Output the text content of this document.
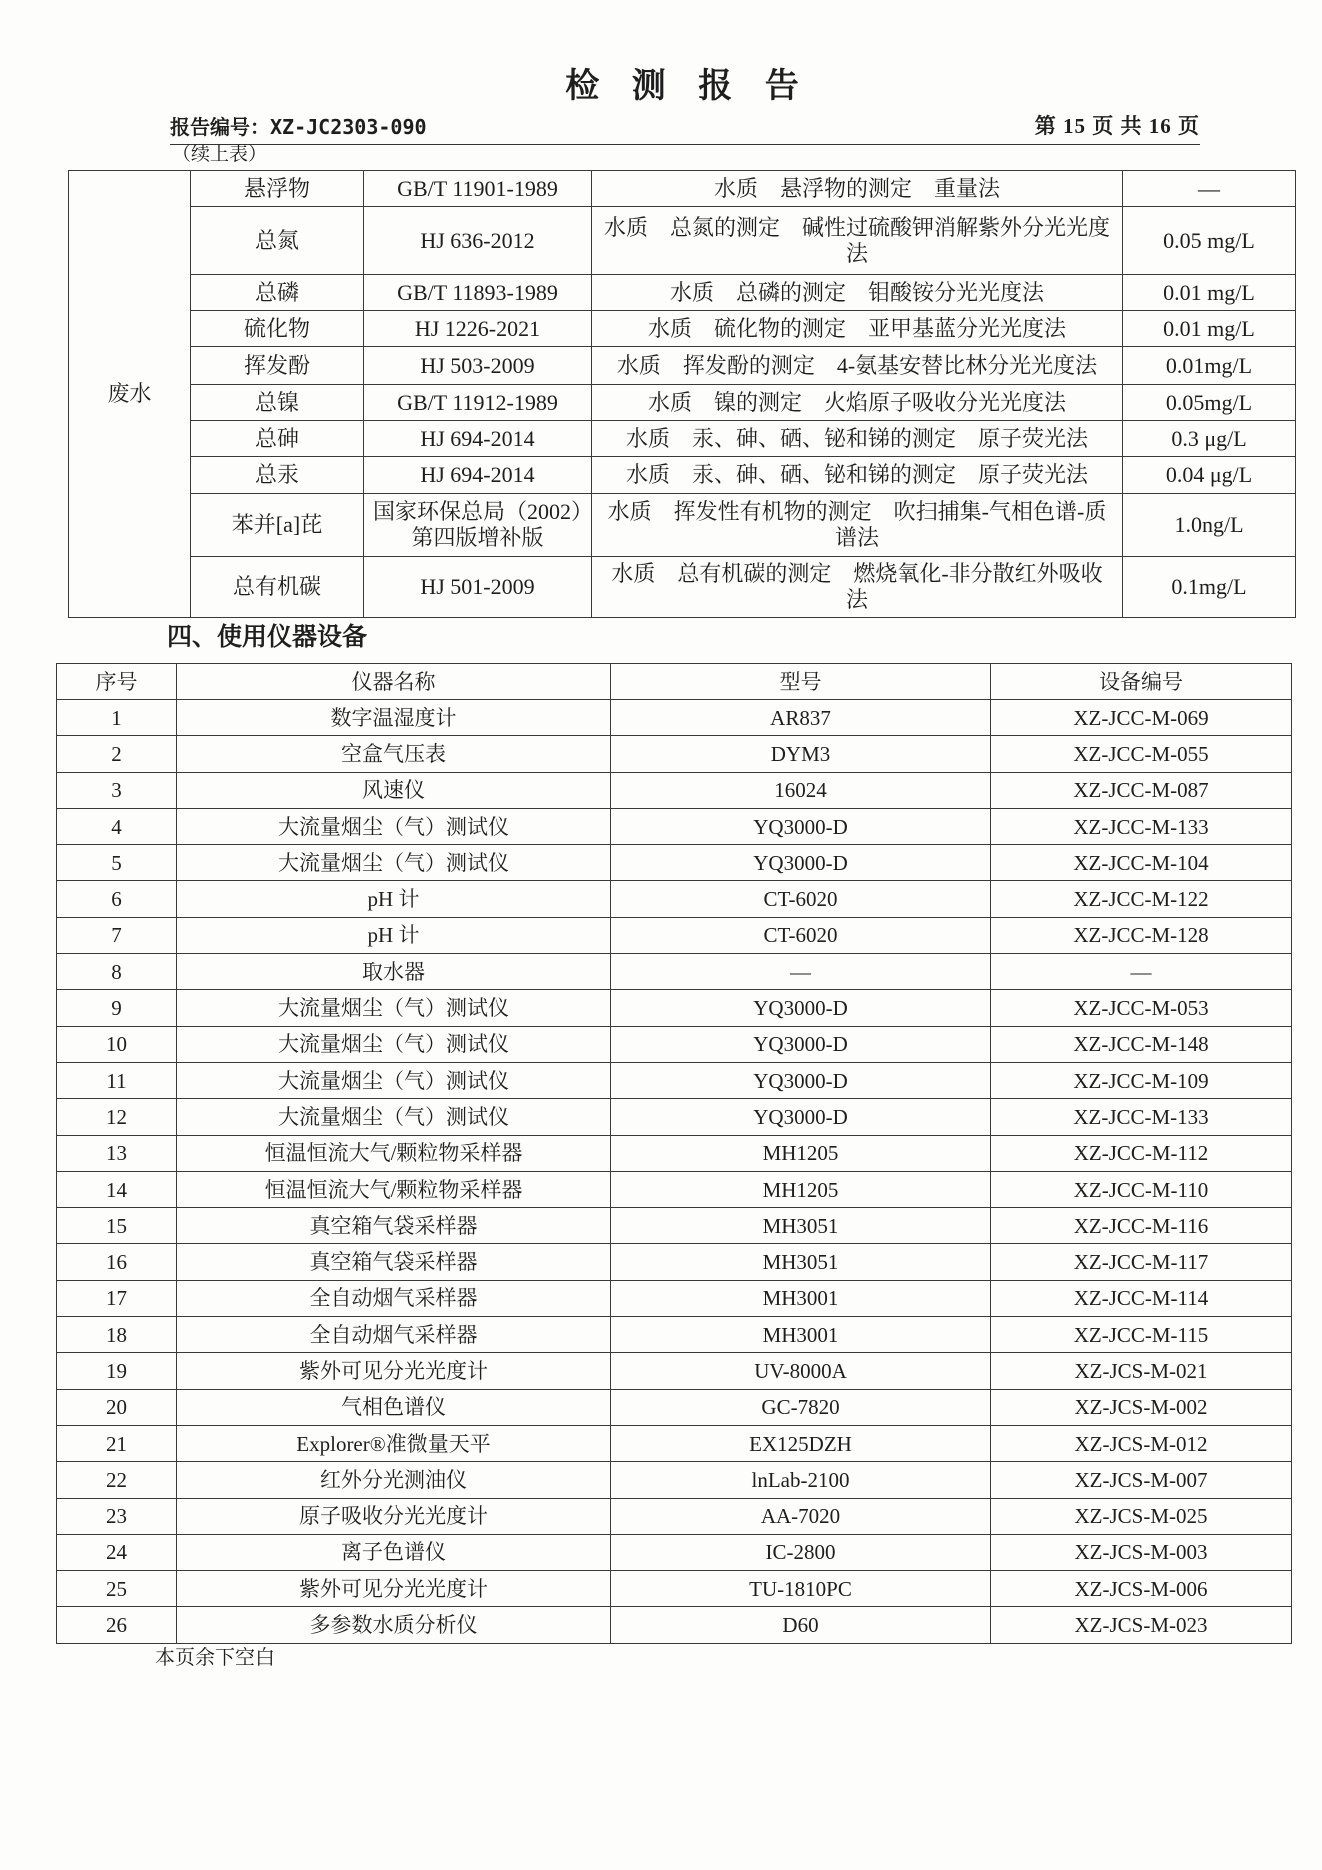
检 测 报 告
报告编号：XZ-JC2303-090	第 15 页 共 16 页
（续上表）
废水	悬浮物	GB/T 11901-1989	水质　悬浮物的测定　重量法	—
	总氮	HJ 636-2012	水质　总氮的测定　碱性过硫酸钾消解紫外分光光度法	0.05 mg/L
	总磷	GB/T 11893-1989	水质　总磷的测定　钼酸铵分光光度法	0.01 mg/L
	硫化物	HJ 1226-2021	水质　硫化物的测定　亚甲基蓝分光光度法	0.01 mg/L
	挥发酚	HJ 503-2009	水质　挥发酚的测定　4-氨基安替比林分光光度法	0.01mg/L
	总镍	GB/T 11912-1989	水质　镍的测定　火焰原子吸收分光光度法	0.05mg/L
	总砷	HJ 694-2014	水质　汞、砷、硒、铋和锑的测定　原子荧光法	0.3 μg/L
	总汞	HJ 694-2014	水质　汞、砷、硒、铋和锑的测定　原子荧光法	0.04 μg/L
	苯并[a]芘	国家环保总局（2002）第四版增补版	水质　挥发性有机物的测定　吹扫捕集-气相色谱-质谱法	1.0ng/L
	总有机碳	HJ 501-2009	水质　总有机碳的测定　燃烧氧化-非分散红外吸收法	0.1mg/L
四、使用仪器设备
序号	仪器名称	型号	设备编号
1	数字温湿度计	AR837	XZ-JCC-M-069
2	空盒气压表	DYM3	XZ-JCC-M-055
3	风速仪	16024	XZ-JCC-M-087
4	大流量烟尘（气）测试仪	YQ3000-D	XZ-JCC-M-133
5	大流量烟尘（气）测试仪	YQ3000-D	XZ-JCC-M-104
6	pH 计	CT-6020	XZ-JCC-M-122
7	pH 计	CT-6020	XZ-JCC-M-128
8	取水器	—	—
9	大流量烟尘（气）测试仪	YQ3000-D	XZ-JCC-M-053
10	大流量烟尘（气）测试仪	YQ3000-D	XZ-JCC-M-148
11	大流量烟尘（气）测试仪	YQ3000-D	XZ-JCC-M-109
12	大流量烟尘（气）测试仪	YQ3000-D	XZ-JCC-M-133
13	恒温恒流大气/颗粒物采样器	MH1205	XZ-JCC-M-112
14	恒温恒流大气/颗粒物采样器	MH1205	XZ-JCC-M-110
15	真空箱气袋采样器	MH3051	XZ-JCC-M-116
16	真空箱气袋采样器	MH3051	XZ-JCC-M-117
17	全自动烟气采样器	MH3001	XZ-JCC-M-114
18	全自动烟气采样器	MH3001	XZ-JCC-M-115
19	紫外可见分光光度计	UV-8000A	XZ-JCS-M-021
20	气相色谱仪	GC-7820	XZ-JCS-M-002
21	Explorer®准微量天平	EX125DZH	XZ-JCS-M-012
22	红外分光测油仪	lnLab-2100	XZ-JCS-M-007
23	原子吸收分光光度计	AA-7020	XZ-JCS-M-025
24	离子色谱仪	IC-2800	XZ-JCS-M-003
25	紫外可见分光光度计	TU-1810PC	XZ-JCS-M-006
26	多参数水质分析仪	D60	XZ-JCS-M-023
本页余下空白
